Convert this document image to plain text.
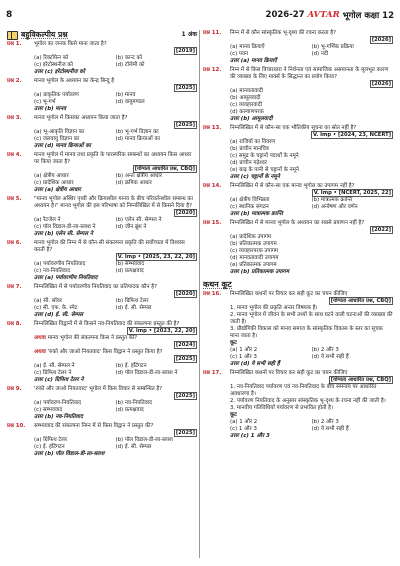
8	2026-27 AVTAR भूगोल कक्षा 12
बहुविकल्पीय प्रश्न	1 अंक
प्रश्न 1.	भूगोल का जनक किसे माना जाता है?
[2019]
(a) रिक्टॉफेन को	(b) कान्ट को
(c) इरेटोस्थनीज को	(d) टॉलेमी को
उत्तर (c) इरेटोस्थनीज को
प्रश्न 2.	मानव भूगोल के अध्ययन का केन्द्र बिन्दु है
[2025]
(a) प्राकृतिक पर्यावरण	(b) मानव
(c) भू-गर्भ	(d) वायुमण्डल
उत्तर (b) मानव
प्रश्न 3.	मानव भूगोल में किसका अध्ययन किया जाता है?
[2025]
(a) भू-आकृति विज्ञान का	(b) भू-गर्भ विज्ञान का
(c) जलवायु विज्ञान का	(d) मानव क्रियाओं का
उत्तर (d) मानव क्रियाओं का
प्रश्न 4.	मानव भूगोल में मानव तथा प्रकृति के पारस्परिक सम्बन्धों का अध्ययन किस आधार पर किया जाता है?
[योग्यता आधारित प्रश्न, CBQ]
(a) क्षेत्रीय आधार	(b) अन्तः क्षेत्रीय आधार
(c) प्रादेशिक आधार	(d) क्रमिक आधार
उत्तर (a) क्षेत्रीय आधार
प्रश्न 5.	"मानव भूगोल अस्थिर पृथ्वी और क्रियाशील मानव के बीच परिवर्तनशील सम्बन्ध का अध्ययन है।" मानव भूगोल की इस परिभाषा को निम्नलिखित में से किसने दिया है?
[2020]
(a) रैटजेल ने	(b) एलेन सी. सेम्पल ने
(c) पॉल विडाल-डी-ला-ब्लाश ने	(d) जीन ब्रूंश ने
उत्तर (b) एलेन सी. सेम्पल ने
प्रश्न 6.	मानव भूगोल की निम्न में से कौन-सी संकल्पना प्रकृति की सर्वोच्चता में विश्वास करती है?
V. Imp • [2025, 23, 22, 20]
(a) पर्यावरणीय नियतिवाद	(b) सम्भववाद
(c) नव-नियतिवाद	(d) प्रत्यक्षवाद
उत्तर (a) पर्यावरणीय नियतिवाद
प्रश्न 7.	निम्नलिखित में से पर्यावरणीय नियतिवाद का प्रतिपादक कौन है?
[2020]
(a) सी. सॉवर	(b) ग्रिफिथ टेलर
(c) सी. एफ. के. स्पेट	(d) ई. सी. सेम्पल
उत्तर (d) ई. सी. सेम्पल
प्रश्न 8.	निम्नलिखित विद्वानों में से किसने नव-नियतिवाद की संकल्पना प्रस्तुत की है?
V. Imp • [2023, 22, 20]
अथवा मानव भूगोल की संकल्पना किस ने प्रस्तुत की?
[2024]
अथवा 'रुको और जाओ नियतवाद' किस विद्वान ने प्रस्तुत किया है?
[2025]
(a) ई. सी. सेम्पल ने	(b) ई. हंटिंगटन
(c) ग्रिफिथ टेलर ने	(d) पॉल विडाल-डी-ला-ब्लाश ने
उत्तर (c) ग्रिफिथ टेलर ने
प्रश्न 9.	'रुको और जाओ नियतवाद' भूगोल में किस विचार से सम्बन्धित है?
[2025]
(a) पर्यावरण-नियतिवाद	(b) नव-नियतिवाद
(c) सम्भववाद	(d) प्रत्यक्षवाद
उत्तर (b) नव-नियतिवाद
प्रश्न 10.	सम्भववाद की संकल्पना निम्न में से किस विद्वान ने प्रस्तुत की?
[2025]
(a) ग्रिफिथ टेलर	(b) पॉल विडाल-डी-ला-ब्लाश
(c) ई. हंटिंगटन	(d) ई. सी. सेम्पल
उत्तर (b) पॉल विडाल-डी-ला-ब्लाश
प्रश्न 11.	निम्न में से कौन सांस्कृतिक भू-दृश्य की रचना करता है?
[2026]
(a) मानव क्रियाएँ	(b) भू-गर्भिक प्रक्रिया
(c) पवन	(d) नदी
उत्तर (a) मानव क्रियाएँ
प्रश्न 12.	निम्न में से किस विचारधारा ने निर्धनता एवं सामाजिक असमानता के मूलभूत कारण की व्याख्या के लिए मार्क्स के सिद्धान्त का प्रयोग किया?
[2026]
(a) मानवतावादी
(b) आमूलवादी
(c) व्यवहारवादी
(d) कल्याणपरक
उत्तर (b) आमूलवादी
प्रश्न 13.	निम्नलिखित में से कौन-सा एक भौतिकीय सूचना का स्रोत नहीं है?
V. Imp • [2024, 23, NCERT]
(a) राजियों का विवरण
(b) प्राचीन मानचित्र
(c) समुद्र के चट्टानों पदार्थों के नमूने
(d) प्राचीन गढ़ेश्वर
(e) बाढ़ के पानी से चट्टानों के नमूने
उत्तर (c) चट्टानों के नमूने
प्रश्न 14.	निम्नलिखित में से कौन-सा एक मानव भूगोल का उपागम नहीं है?
V. Imp • [NCERT, 2025, 22]
(a) क्षेत्रीय विभिन्नता	(b) मात्रात्मक क्रान्ति
(c) स्थानिक संगठन	(d) अन्वेषण और वर्णन
उत्तर (b) मात्रात्मक क्रान्ति
प्रश्न 15.	निम्नलिखित में से मानव भूगोल के अध्ययन का सबसे प्रयाणन नहीं है?
[2022]
(a) प्रादेशिक उपागम
(b) प्रतिकात्मक उपागम
(c) व्यवहारपरक उपागम
(d) मानवतावादी उपागम
(e) प्रतिकात्मक उपागम
उत्तर (b) प्रतिकात्मक उपागम
कथन कूट
प्रश्न 16.	निम्नलिखित कथनों पर विचार कर सही कूट का चयन कीजिए
[योग्यता आधारित प्रश्न, CBQ]
1. मानव भूगोल की प्रकृति अन्तर विषयक है।
2. मानव भूगोल में जीवन के सभी तथ्यों के साथ घटने वाली घटनाओं की व्याख्या की जाती है।
3. प्रौद्योगिकी विकास को मानव समाज के सांस्कृतिक विकास के स्तर का सूचक माना जाता है।
कूट
(a) 1 और 2	(b) 2 और 3
(c) 1 और 3	(d) ये सभी सही हैं
उत्तर (d) ये सभी सही हैं
प्रश्न 17.	निम्नलिखित कथनों पर विचार कर सही कूट का चयन कीजिए
[योग्यता आधारित प्रश्न, CBQ]
1. नव-नियतिवाद पर्यावरण एवं नव-नियतिवाद के बीच समन्वय पर आधारित अवधारणा है।
2. पर्यावरण नियतिवाद के अनुसार सांस्कृतिक भू-दृश्य के रचना नहीं की जाती है।
3. मानवीय गतिविधियाँ पर्यावरण से प्रभावित होती है।
कूट
(a) 1 और 2	(b) 2 और 3
(c) 1 और 3	(d) ये सभी सही हैं
उत्तर (c) 1 और 3
